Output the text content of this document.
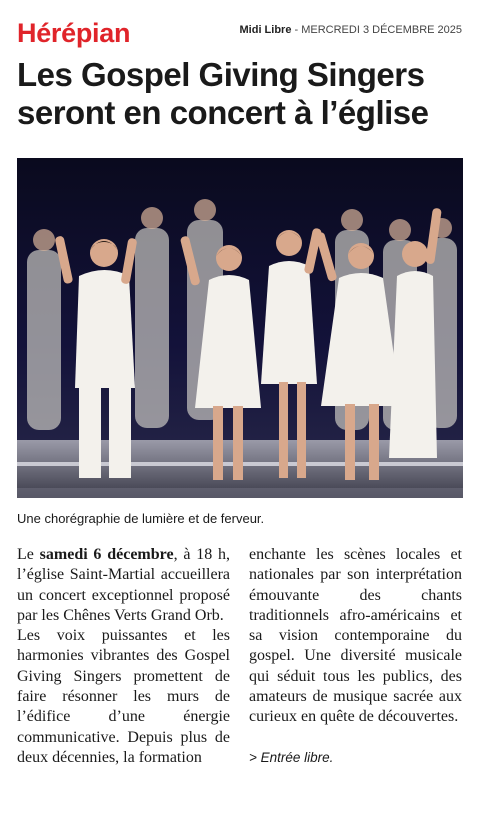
Hérépian	Midi Libre - MERCREDI 3 DÉCEMBRE 2025
Les Gospel Giving Singers seront en concert à l’église
Une chorégraphie de lumière et de ferveur.

Le samedi 6 décembre, à 18 h, l’église Saint-Martial accueillera un concert exceptionnel proposé par les Chênes Verts Grand Orb.

Les voix puissantes et les harmonies vibrantes des Gospel Giving Singers promettent de faire résonner les murs de l’édifice d’une énergie communicative. Depuis plus de deux décennies, la formation

enchante les scènes locales et nationales par son interprétation émouvante des chants traditionnels afro-américains et sa vision contemporaine du gospel. Une diversité musicale qui séduit tous les publics, des amateurs de musique sacrée aux curieux en quête de découvertes.

> Entrée libre.
